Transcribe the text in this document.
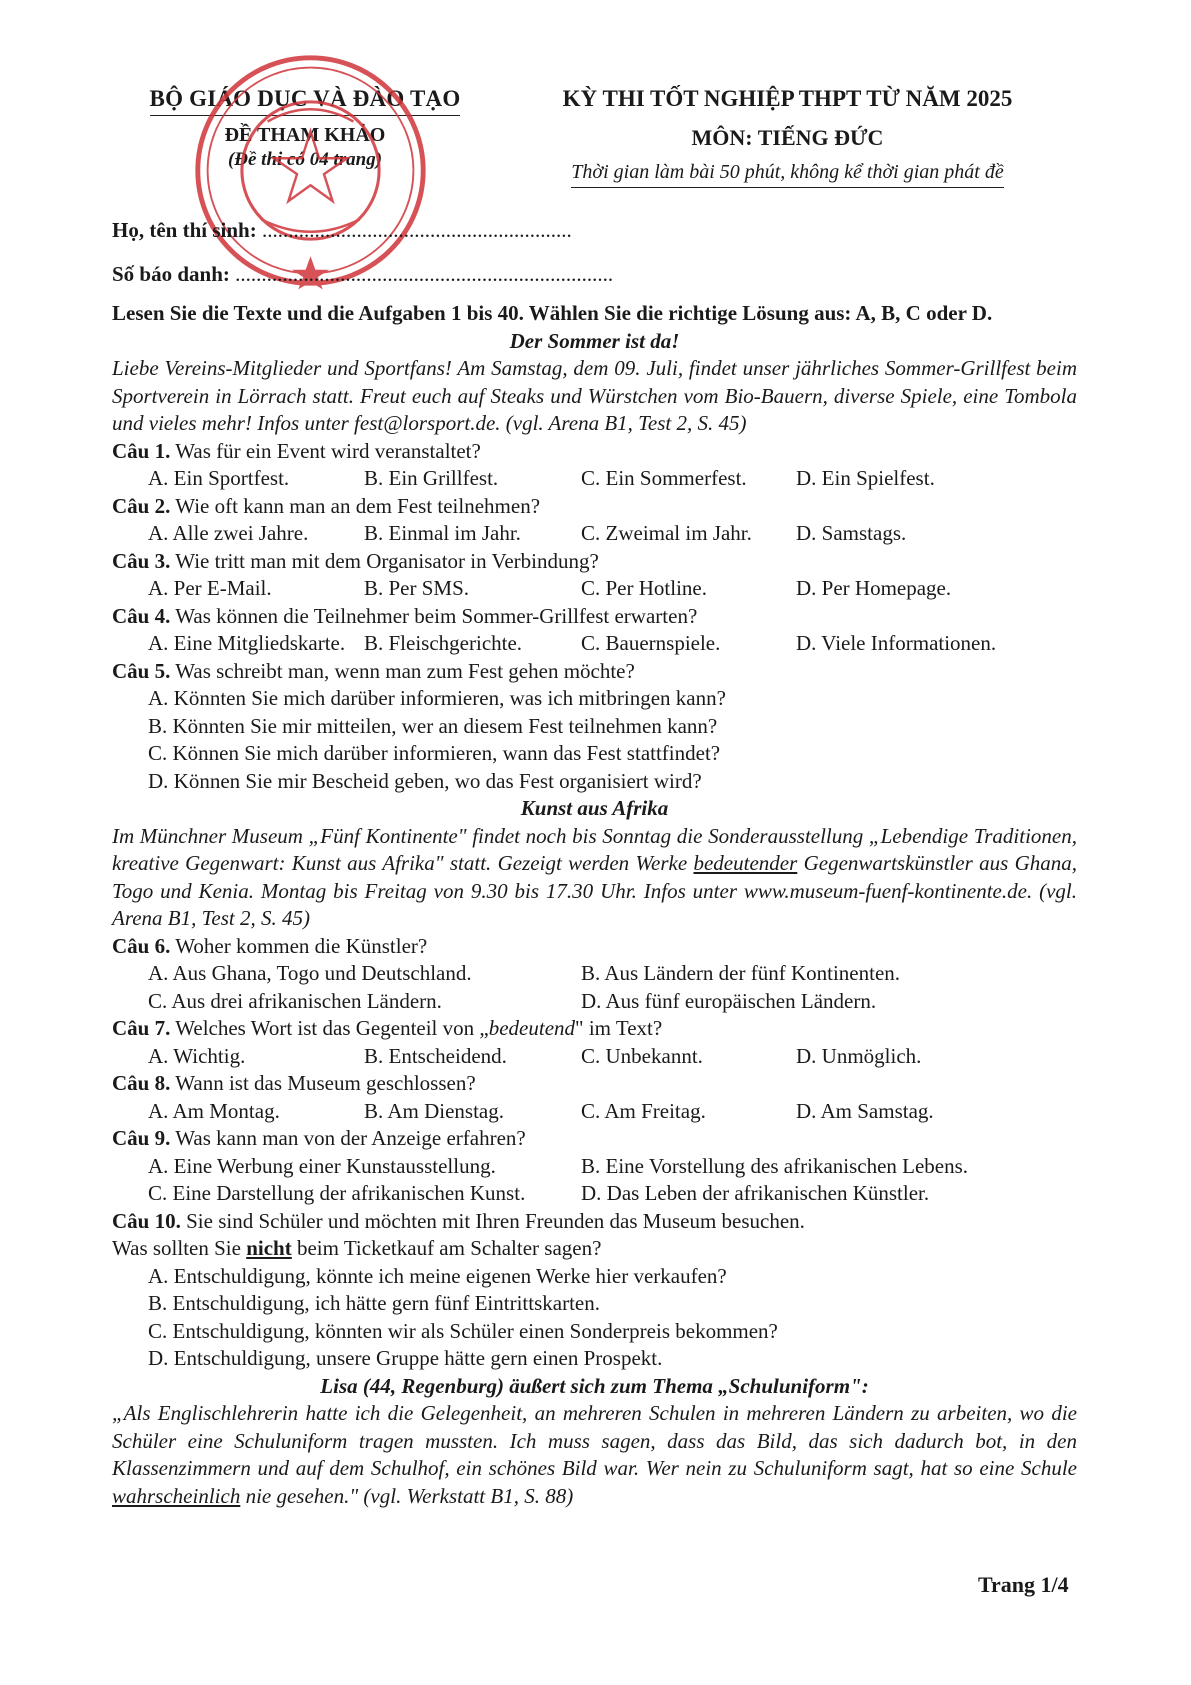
BỘ GIÁO DỤC VÀ ĐÀO TẠO
ĐỀ THAM KHẢO
(Đề thi có 04 trang)
KỲ THI TỐT NGHIỆP THPT TỪ NĂM 2025
MÔN: TIẾNG ĐỨC
Thời gian làm bài 50 phút, không kể thời gian phát đề
Họ, tên thí sinh: ...........................................................
Số báo danh: ........................................................................
Lesen Sie die Texte und die Aufgaben 1 bis 40. Wählen Sie die richtige Lösung aus: A, B, C oder D.
Der Sommer ist da!
Liebe Vereins-Mitglieder und Sportfans! Am Samstag, dem 09. Juli, findet unser jährliches Sommer-Grillfest beim Sportverein in Lörrach statt. Freut euch auf Steaks und Würstchen vom Bio-Bauern, diverse Spiele, eine Tombola und vieles mehr! Infos unter fest@lorsport.de. (vgl. Arena B1, Test 2, S. 45)
Câu 1. Was für ein Event wird veranstaltet?
A. Ein Sportfest.	B. Ein Grillfest.	C. Ein Sommerfest.	D. Ein Spielfest.
Câu 2. Wie oft kann man an dem Fest teilnehmen?
A. Alle zwei Jahre.	B. Einmal im Jahr.	C. Zweimal im Jahr.	D. Samstags.
Câu 3. Wie tritt man mit dem Organisator in Verbindung?
A. Per E-Mail.	B. Per SMS.	C. Per Hotline.	D. Per Homepage.
Câu 4. Was können die Teilnehmer beim Sommer-Grillfest erwarten?
A. Eine Mitgliedskarte. B. Fleischgerichte.	C. Bauernspiele.	D. Viele Informationen.
Câu 5. Was schreibt man, wenn man zum Fest gehen möchte?
A. Könnten Sie mich darüber informieren, was ich mitbringen kann?
B. Könnten Sie mir mitteilen, wer an diesem Fest teilnehmen kann?
C. Können Sie mich darüber informieren, wann das Fest stattfindet?
D. Können Sie mir Bescheid geben, wo das Fest organisiert wird?
Kunst aus Afrika
Im Münchner Museum „Fünf Kontinente" findet noch bis Sonntag die Sonderausstellung „Lebendige Traditionen, kreative Gegenwart: Kunst aus Afrika" statt. Gezeigt werden Werke bedeutender Gegenwartskünstler aus Ghana, Togo und Kenia. Montag bis Freitag von 9.30 bis 17.30 Uhr. Infos unter www.museum-fuenf-kontinente.de. (vgl. Arena B1, Test 2, S. 45)
Câu 6. Woher kommen die Künstler?
A. Aus Ghana, Togo und Deutschland.	B. Aus Ländern der fünf Kontinenten.
C. Aus drei afrikanischen Ländern.	D. Aus fünf europäischen Ländern.
Câu 7. Welches Wort ist das Gegenteil von „bedeutend" im Text?
A. Wichtig.	B. Entscheidend.	C. Unbekannt.	D. Unmöglich.
Câu 8. Wann ist das Museum geschlossen?
A. Am Montag.	B. Am Dienstag.	C. Am Freitag.	D. Am Samstag.
Câu 9. Was kann man von der Anzeige erfahren?
A. Eine Werbung einer Kunstausstellung.	B. Eine Vorstellung des afrikanischen Lebens.
C. Eine Darstellung der afrikanischen Kunst.	D. Das Leben der afrikanischen Künstler.
Câu 10. Sie sind Schüler und möchten mit Ihren Freunden das Museum besuchen.
Was sollten Sie nicht beim Ticketkauf am Schalter sagen?
A. Entschuldigung, könnte ich meine eigenen Werke hier verkaufen?
B. Entschuldigung, ich hätte gern fünf Eintrittskarten.
C. Entschuldigung, könnten wir als Schüler einen Sonderpreis bekommen?
D. Entschuldigung, unsere Gruppe hätte gern einen Prospekt.
Lisa (44, Regenburg) äußert sich zum Thema „Schuluniform":
„Als Englischlehrerin hatte ich die Gelegenheit, an mehreren Schulen in mehreren Ländern zu arbeiten, wo die Schüler eine Schuluniform tragen mussten. Ich muss sagen, dass das Bild, das sich dadurch bot, in den Klassenzimmern und auf dem Schulhof, ein schönes Bild war. Wer nein zu Schuluniform sagt, hat so eine Schule wahrscheinlich nie gesehen." (vgl. Werkstatt B1, S. 88)
Trang 1/4
